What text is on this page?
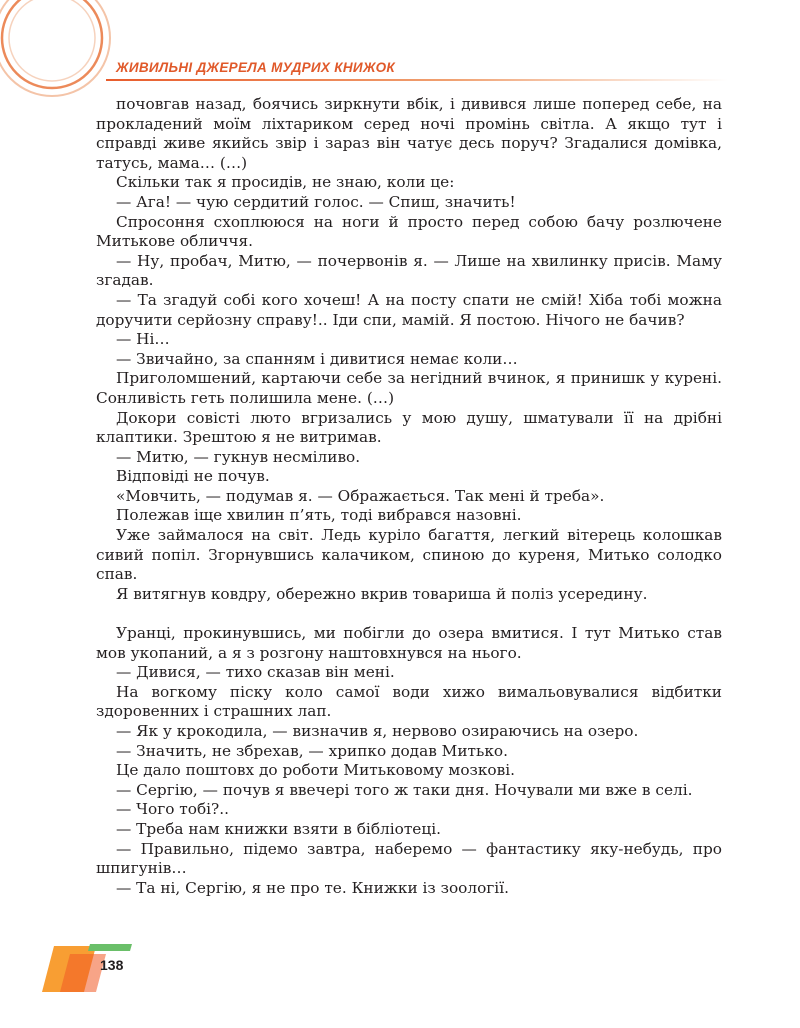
ЖИВИЛЬНІ ДЖЕРЕЛА МУДРИХ КНИЖОК

почовгав назад, боячись зиркнути вбік, і дивився лише поперед себе, на прокладений моїм ліхтариком серед ночі промінь світла. А якщо тут і справді живе якийсь звір і зараз він чатує десь поруч? Згадалися домівка, татусь, мама… (…)

Скільки так я просидів, не знаю, коли це:

— Ага! — чую сердитий голос. — Спиш, значить!

Спросоння схоплююся на ноги й просто перед собою бачу розлючене Митькове обличчя.

— Ну, пробач, Митю, — почервонів я. — Лише на хвилинку присів. Маму згадав.

— Та згадуй собі кого хочеш! А на посту спати не смій! Хіба тобі можна доручити серйозну справу!.. Іди спи, мамій. Я постою. Нічого не бачив?

— Ні…

— Звичайно, за спанням і дивитися немає коли…

Приголомшений, картаючи себе за негідний вчинок, я принишк у курені. Сонливість геть полишила мене. (…)

Докори совісті люто вгризались у мою душу, шматували її на дрібні клаптики. Зрештою я не витримав.

— Митю, — гукнув несміливо.

Відповіді не почув.

«Мовчить, — подумав я. — Ображається. Так мені й треба».

Полежав іще хвилин п’ять, тоді вибрався назовні.

Уже займалося на світ. Ледь куріло багаття, легкий вітерець колошкав сивий попіл. Згорнувшись калачиком, спиною до куреня, Митько солодко спав.

Я витягнув ковдру, обережно вкрив товариша й поліз усередину.

Уранці, прокинувшись, ми побігли до озера вмитися. І тут Митько став мов укопаний, а я з розгону наштовхнувся на нього.

— Дивися, — тихо сказав він мені.

На вогкому піску коло самої води хижо вимальовувалися відбитки здоровенних і страшних лап.

— Як у крокодила, — визначив я, нервово озираючись на озеро.

— Значить, не збрехав, — хрипко додав Митько.

Це дало поштовх до роботи Митьковому мозкові.

— Сергію, — почув я ввечері того ж таки дня. Ночували ми вже в селі.

— Чого тобі?..

— Треба нам книжки взяти в бібліотеці.

— Правильно, підемо завтра, наберемо — фантастику яку-небудь, про шпигунів…

— Та ні, Сергію, я не про те. Книжки із зоології.

138
